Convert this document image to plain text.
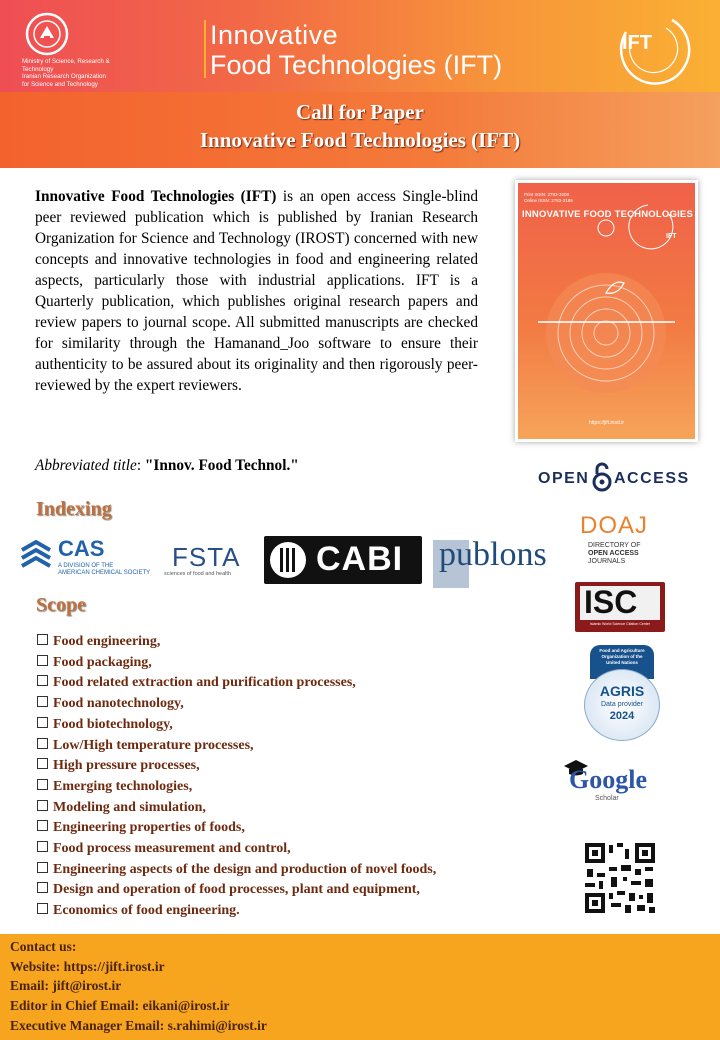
Ministry of Science, Research & Technology
Iranian Research Organization
for Science and Technology
Innovative
Food Technologies (IFT)
IFT
Call for Paper
Innovative Food Technologies (IFT)
Innovative Food Technologies (IFT) is an open access Single-blind peer reviewed publication which is published by Iranian Research Organization for Science and Technology (IROST) concerned with new concepts and innovative technologies in food and engineering related aspects, particularly those with industrial applications. IFT is a Quarterly publication, which publishes original research papers and review papers to journal scope. All submitted manuscripts are checked for similarity through the Hamanand_Joo software to ensure their authenticity to be assured about its originality and then rigorously peer-reviewed by the expert reviewers.
Abbreviated title: "Innov. Food Technol."
Print ISSN: 2783-3208
Online ISSN: 2783-3186
INNOVATIVE FOOD TECHNOLOGIES
IFT
https://jift.irost.ir
OPEN ACCESS
Indexing
CAS
A DIVISION OF THE
AMERICAN CHEMICAL SOCIETY
FSTA
sciences of food and health	CABI publons
DOAJ
DIRECTORY OF
OPEN ACCESS
JOURNALS
ISC
Islamic World Science Citation Center
Food and Agriculture
Organization of the
United Nations
AGRIS
Data provider
2024
Google
Scholar
Scope
Food engineering,
Food packaging,
Food related extraction and purification processes,
Food nanotechnology,
Food biotechnology,
Low/High temperature processes,
High pressure processes,
Emerging technologies,
Modeling and simulation,
Engineering properties of foods,
Food process measurement and control,
Engineering aspects of the design and production of novel foods,
Design and operation of food processes, plant and equipment,
Economics of food engineering.
Contact us:
Website: https://jift.irost.ir
Email: jift@irost.ir
Editor in Chief Email: eikani@irost.ir
Executive Manager Email: s.rahimi@irost.ir
